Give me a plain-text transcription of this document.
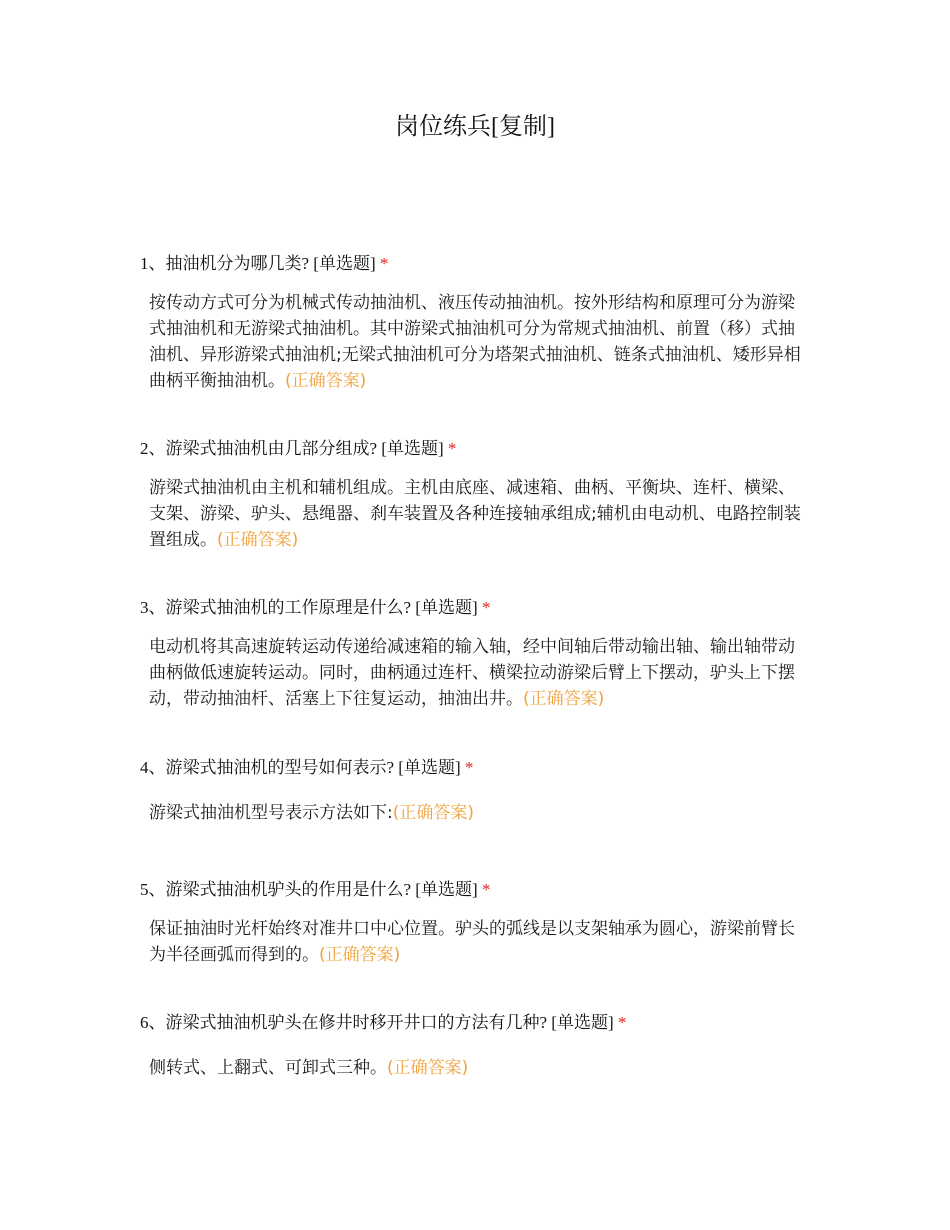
岗位练兵[复制]
1、抽油机分为哪几类? [单选题] *
按传动方式可分为机械式传动抽油机、液压传动抽油机。按外形结构和原理可分为游梁式抽油机和无游梁式抽油机。其中游梁式抽油机可分为常规式抽油机、前置（移）式抽油机、异形游梁式抽油机;无梁式抽油机可分为塔架式抽油机、链条式抽油机、矮形异相曲柄平衡抽油机。(正确答案)
2、游梁式抽油机由几部分组成? [单选题] *
游梁式抽油机由主机和辅机组成。主机由底座、减速箱、曲柄、平衡块、连杆、横梁、支架、游梁、驴头、悬绳器、刹车装置及各种连接轴承组成;辅机由电动机、电路控制装置组成。(正确答案)
3、游梁式抽油机的工作原理是什么? [单选题] *
电动机将其高速旋转运动传递给减速箱的输入轴，经中间轴后带动输出轴、输出轴带动曲柄做低速旋转运动。同时，曲柄通过连杆、横梁拉动游梁后臂上下摆动，驴头上下摆动，带动抽油杆、活塞上下往复运动，抽油出井。(正确答案)
4、游梁式抽油机的型号如何表示? [单选题] *
游梁式抽油机型号表示方法如下:(正确答案)
5、游梁式抽油机驴头的作用是什么? [单选题] *
保证抽油时光杆始终对准井口中心位置。驴头的弧线是以支架轴承为圆心，游梁前臂长为半径画弧而得到的。(正确答案)
6、游梁式抽油机驴头在修井时移开井口的方法有几种? [单选题] *
侧转式、上翻式、可卸式三种。(正确答案)
